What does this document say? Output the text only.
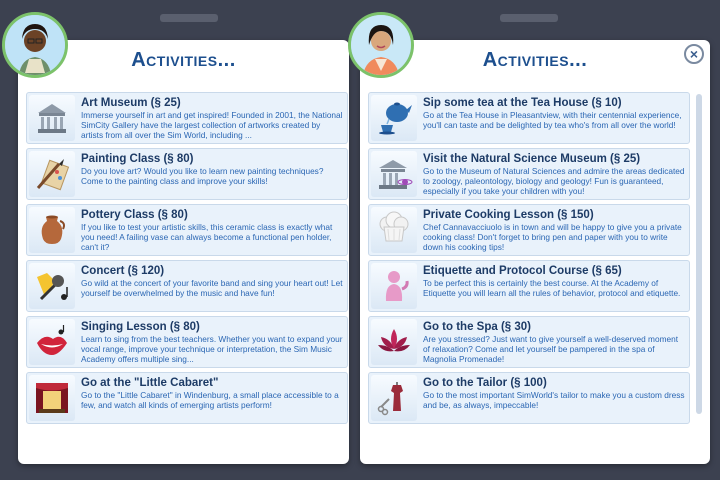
Activities...	Activities...	×
Art Museum (§ 25)
Immerse yourself in art and get inspired! Founded in 2001, the National SimCity Gallery have the largest collection of artworks created by artists from all over the Sim World, including ...
Painting Class (§ 80)
Do you love art? Would you like to learn new painting techniques? Come to the painting class and improve your skills!
Pottery Class (§ 80)
If you like to test your artistic skills, this ceramic class is exactly what you need! A failing vase can always become a functional pen holder, can't it?
Concert (§ 120)
Go wild at the concert of your favorite band and sing your heart out! Let yourself be overwhelmed by the music and have fun!
Singing Lesson (§ 80)
Learn to sing from the best teachers. Whether you want to expand your vocal range, improve your technique or interpretation, the Sim Music Academy offers multiple sing...
Go at the "Little Cabaret"
Go to the "Little Cabaret" in Windenburg, a small place accessible to a few, and watch all kinds of emerging artists perform!
Sip some tea at the Tea House (§ 10)
Go at the Tea House in Pleasantview, with their centennial experience, you'll can taste and be delighted by tea who's from all over the world!
Visit the Natural Science Museum (§ 25)
Go to the Museum of Natural Sciences and admire the areas dedicated to zoology, paleontology, biology and geology! Fun is guaranteed, especially if you take your children with you!
Private Cooking Lesson (§ 150)
Chef Cannavacciuolo is in town and will be happy to give you a private cooking class! Don't forget to bring pen and paper with you to write down his cooking tips!
Etiquette and Protocol Course (§ 65)
To be perfect this is certainly the best course. At the Academy of Etiquette you will learn all the rules of behavior, protocol and etiquette.
Go to the Spa (§ 30)
Are you stressed? Just want to give yourself a well-deserved moment of relaxation? Come and let yourself be pampered in the spa of Magnolia Promenade!
Go to the Tailor (§ 100)
Go to the most important SimWorld's tailor to make you a custom dress and be, as always, impeccable!
